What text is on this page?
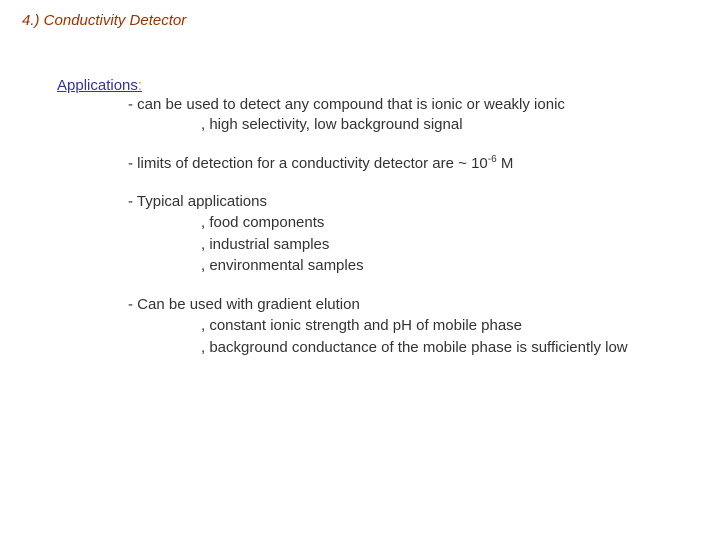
4.) Conductivity Detector
Applications:
- can be used to detect any compound that is ionic or weakly ionic
, high selectivity, low background signal
- limits of detection for a conductivity detector are ~ $10^{-6}$ M
- Typical applications
, food components
, industrial samples
, environmental samples
- Can be used with gradient elution
, constant ionic strength and pH of mobile phase
, background conductance of the mobile phase is sufficiently low
